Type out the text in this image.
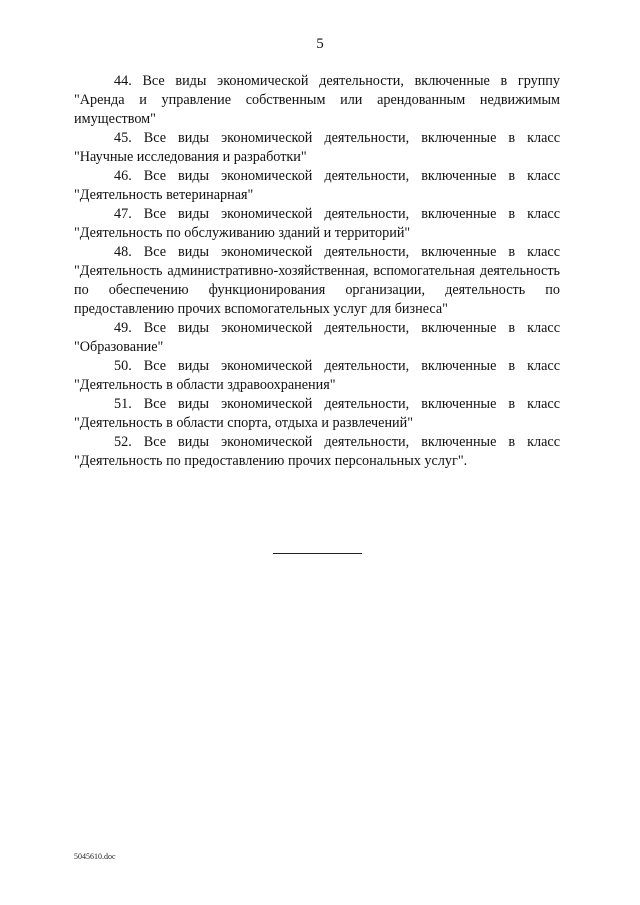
5

44. Все виды экономической деятельности, включенные в группу "Аренда и управление собственным или арендованным недвижимым имуществом"

45. Все виды экономической деятельности, включенные в класс "Научные исследования и разработки"

46. Все виды экономической деятельности, включенные в класс "Деятельность ветеринарная"

47. Все виды экономической деятельности, включенные в класс "Деятельность по обслуживанию зданий и территорий"

48. Все виды экономической деятельности, включенные в класс "Деятельность административно-хозяйственная, вспомогательная деятельность по обеспечению функционирования организации, деятельность по предоставлению прочих вспомогательных услуг для бизнеса"

49. Все виды экономической деятельности, включенные в класс "Образование"

50. Все виды экономической деятельности, включенные в класс "Деятельность в области здравоохранения"

51. Все виды экономической деятельности, включенные в класс "Деятельность в области спорта, отдыха и развлечений"

52. Все виды экономической деятельности, включенные в класс "Деятельность по предоставлению прочих персональных услуг".

5045610.doc
